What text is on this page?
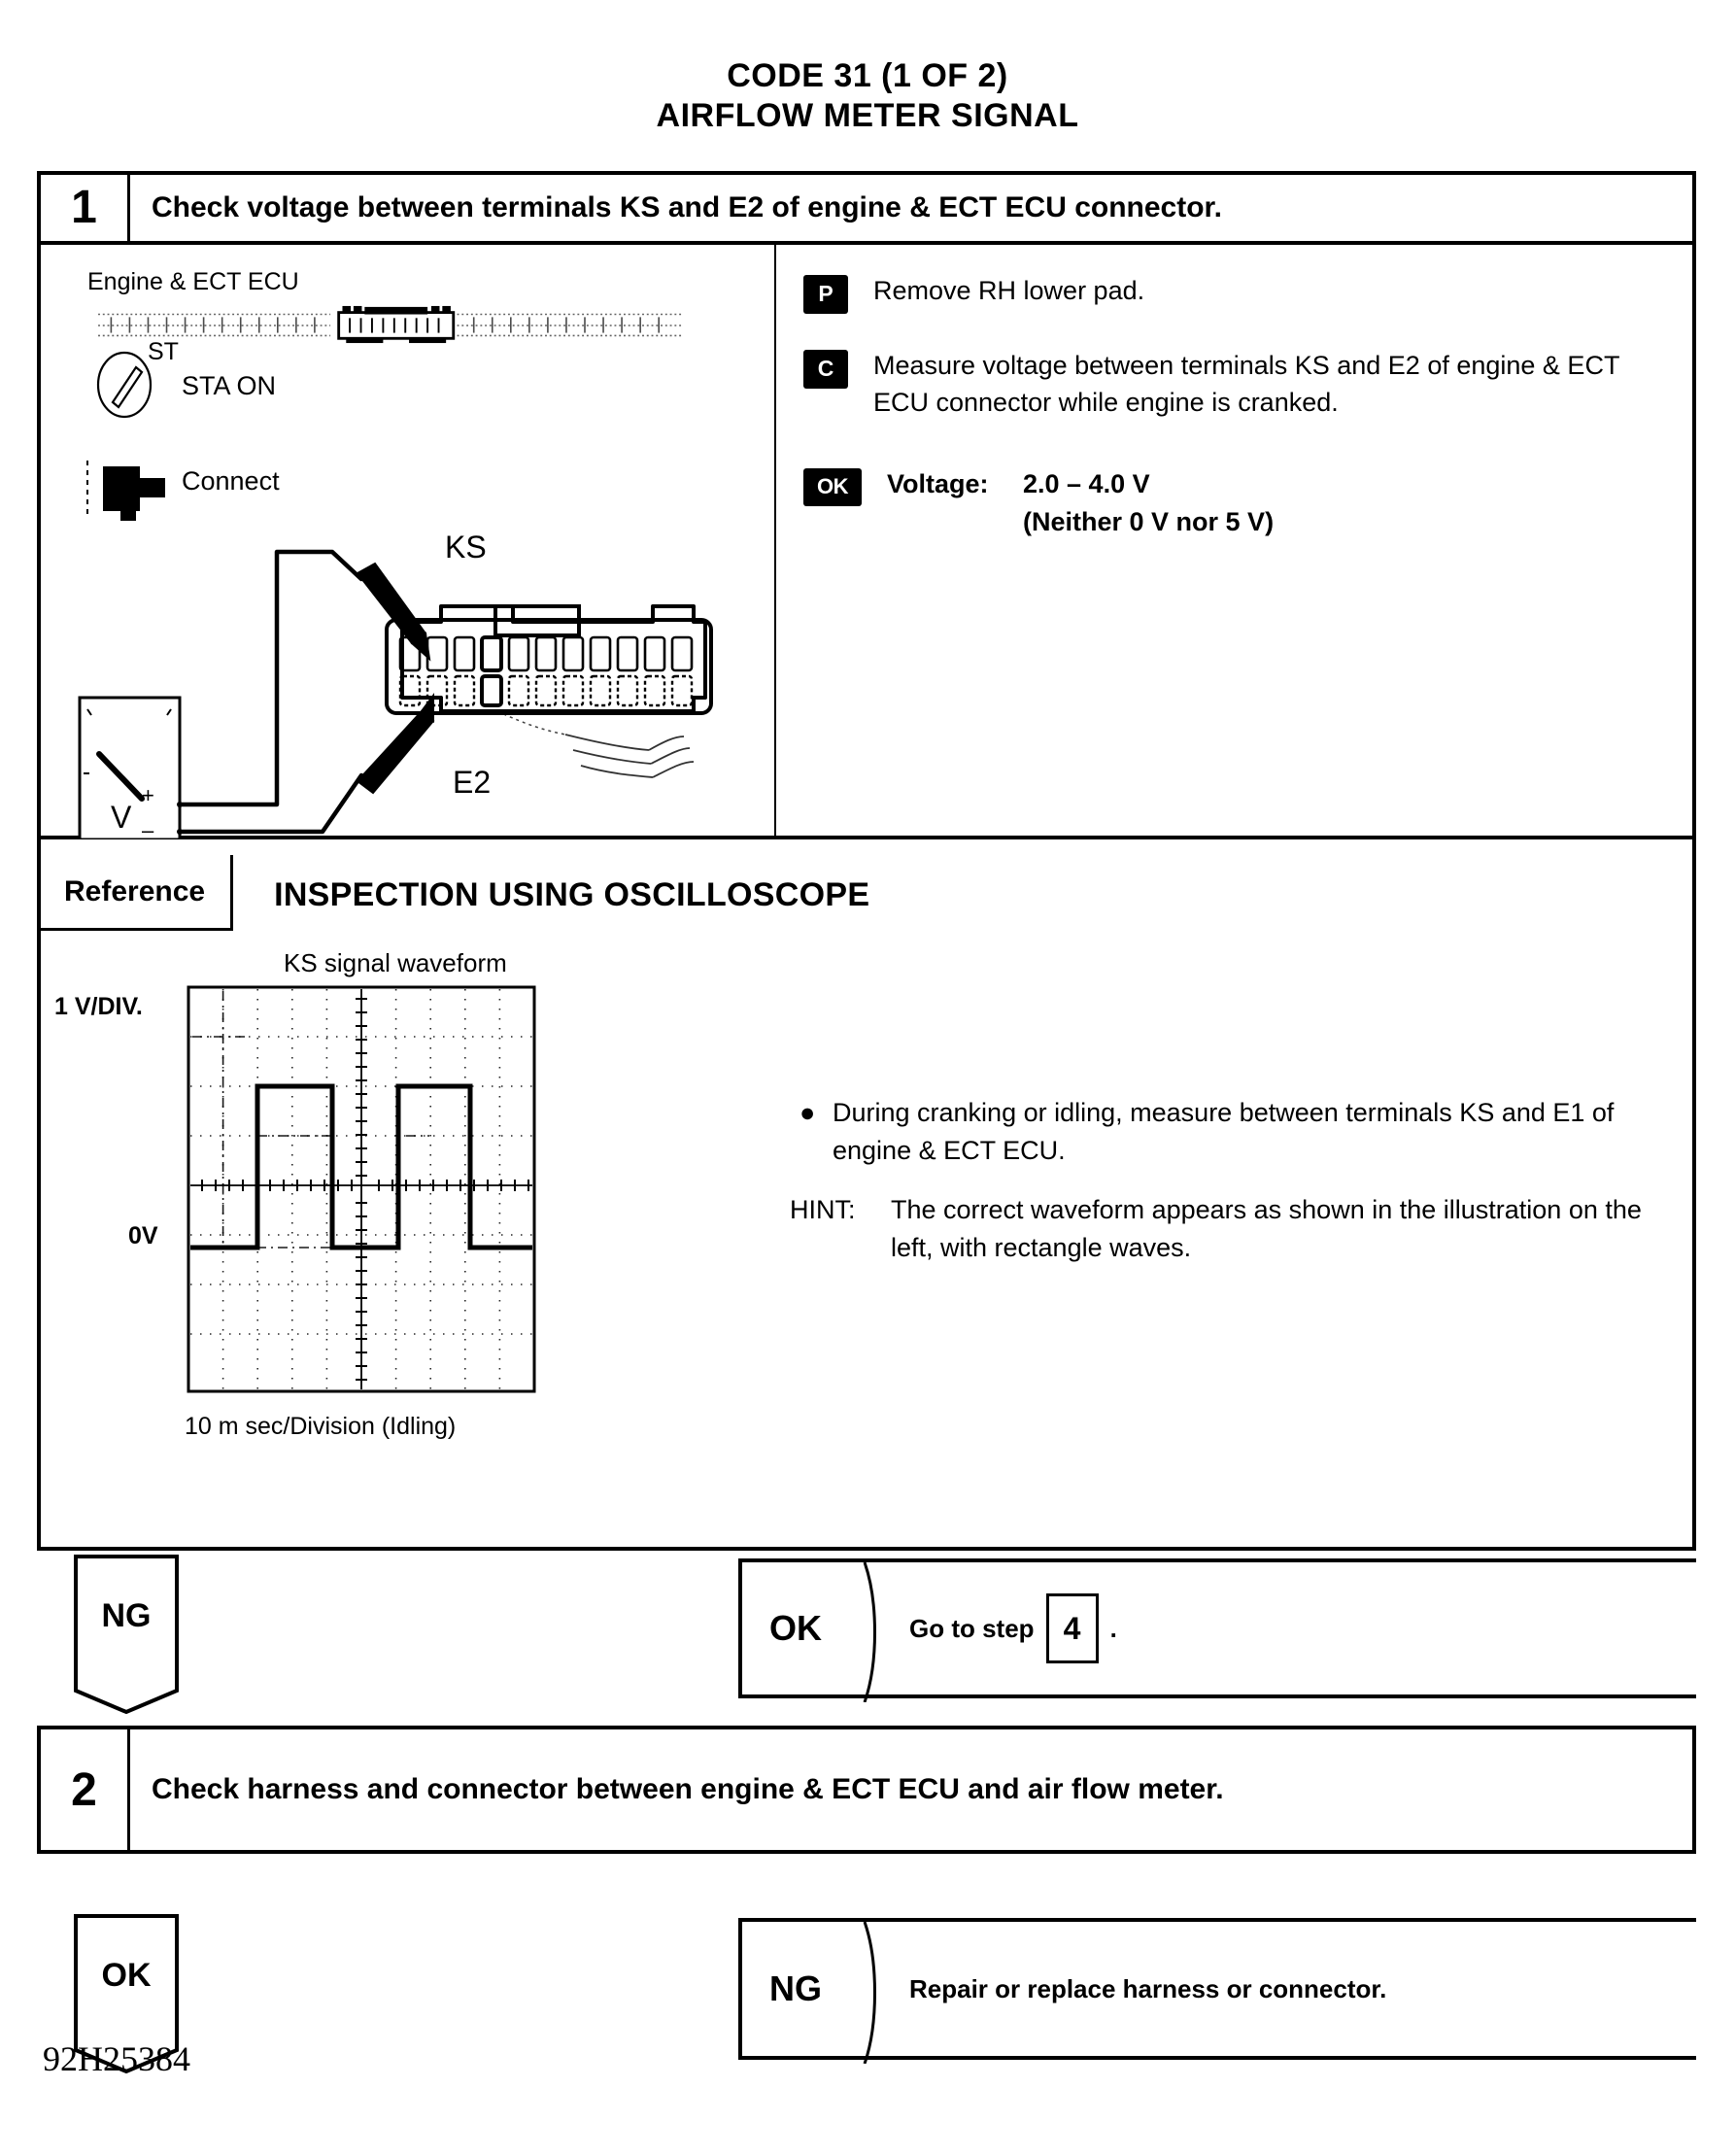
CODE 31 (1 OF 2)
AIRFLOW METER SIGNAL
1	Check voltage between terminals KS and E2 of engine & ECT ECU connector.
Engine & ECT ECU
ST
STA ON
Connect
V
+
–
KS
E2
P	Remove RH lower pad.
C	Measure voltage between terminals KS and E2 of engine & ECT ECU connector while engine is cranked.
OK	Voltage:	2.0 – 4.0 V
(Neither 0 V nor 5 V)
Reference	INSPECTION USING OSCILLOSCOPE
KS signal waveform
1 V/DIV.
0V
10 m sec/Division (Idling)
● During cranking or idling, measure between terminals KS and E1 of engine & ECT ECU.
HINT:	The correct waveform appears as shown in the illustration on the left, with rectangle waves.
NG	OK	Go to step 4	.
2	Check harness and connector between engine & ECT ECU and air flow meter.
OK	NG	Repair or replace harness or connector.
92H25384
